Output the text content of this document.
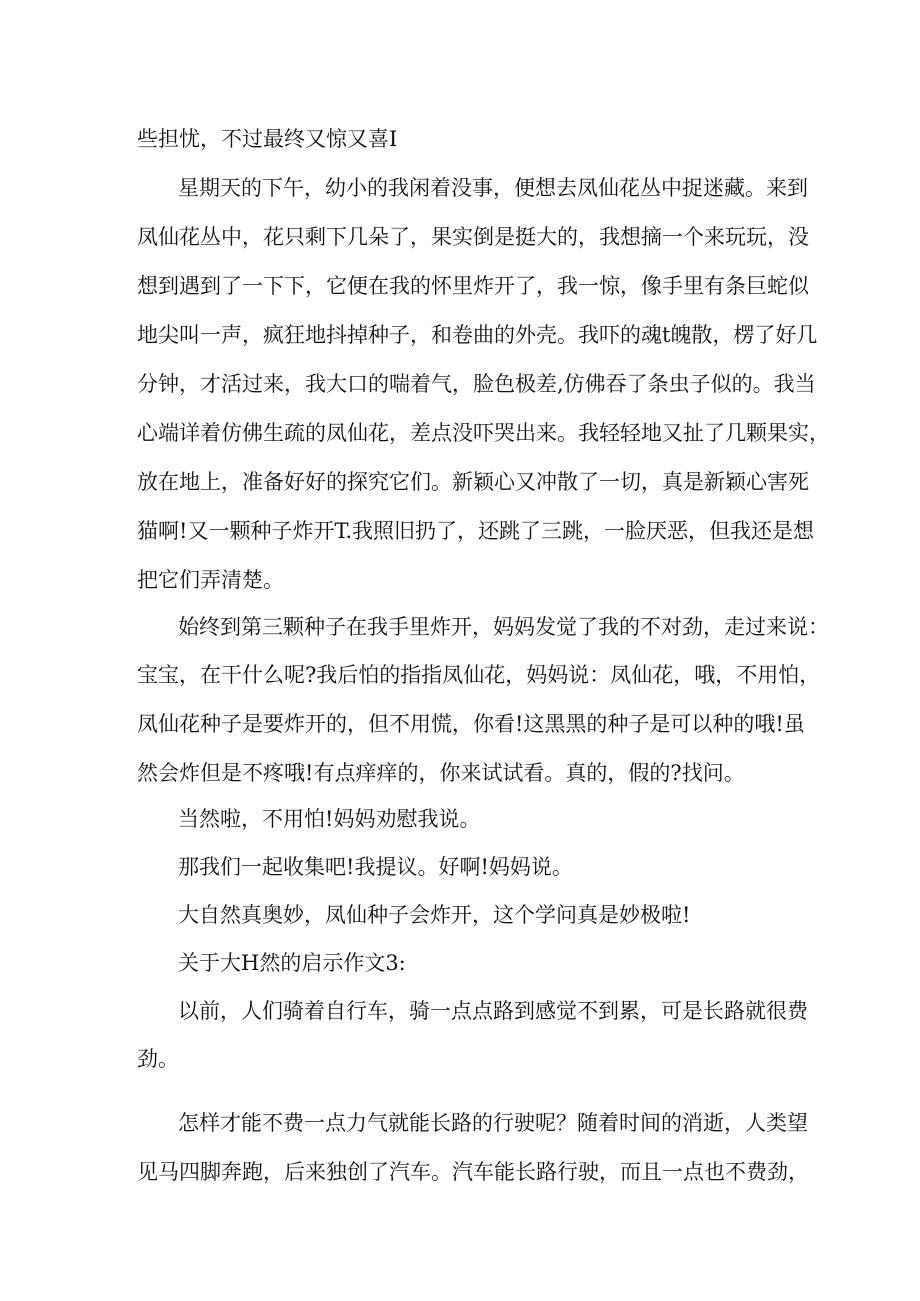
些担忧，不过最终又惊又喜I

星期天的下午，幼小的我闲着没事，便想去凤仙花丛中捉迷藏。来到

凤仙花丛中，花只剩下几朵了，果实倒是挺大的，我想摘一个来玩玩，没

想到遇到了一下下，它便在我的怀里炸开了，我一惊，像手里有条巨蛇似

地尖叫一声，疯狂地抖掉种子，和卷曲的外壳。我吓的魂t魄散，楞了好几

分钟，才活过来，我大口的喘着气，脸色极差,仿佛吞了条虫子似的。我当

心端详着仿佛生疏的凤仙花，差点没吓哭出来。我轻轻地又扯了几颗果实，

放在地上，准备好好的探究它们。新颖心又冲散了一切，真是新颖心害死

猫啊!又一颗种子炸开T.我照旧扔了，还跳了三跳，一脸厌恶，但我还是想

把它们弄清楚。

始终到第三颗种子在我手里炸开，妈妈发觉了我的不对劲，走过来说：

宝宝，在干什么呢?我后怕的指指凤仙花，妈妈说：凤仙花，哦，不用怕，

凤仙花种子是要炸开的，但不用慌，你看!这黑黑的种子是可以种的哦!虽

然会炸但是不疼哦!有点痒痒的，你来试试看。真的，假的?找问。

当然啦，不用怕!妈妈劝慰我说。

那我们一起收集吧!我提议。好啊!妈妈说。

大自然真奥妙，凤仙种子会炸开，这个学问真是妙极啦!

关于大H然的启示作文3:

以前，人们骑着自行车，骑一点点路到感觉不到累，可是长路就很费

劲。

怎样才能不费一点力气就能长路的行驶呢？随着时间的消逝，人类望

见马四脚奔跑，后来独创了汽车。汽车能长路行驶，而且一点也不费劲，
